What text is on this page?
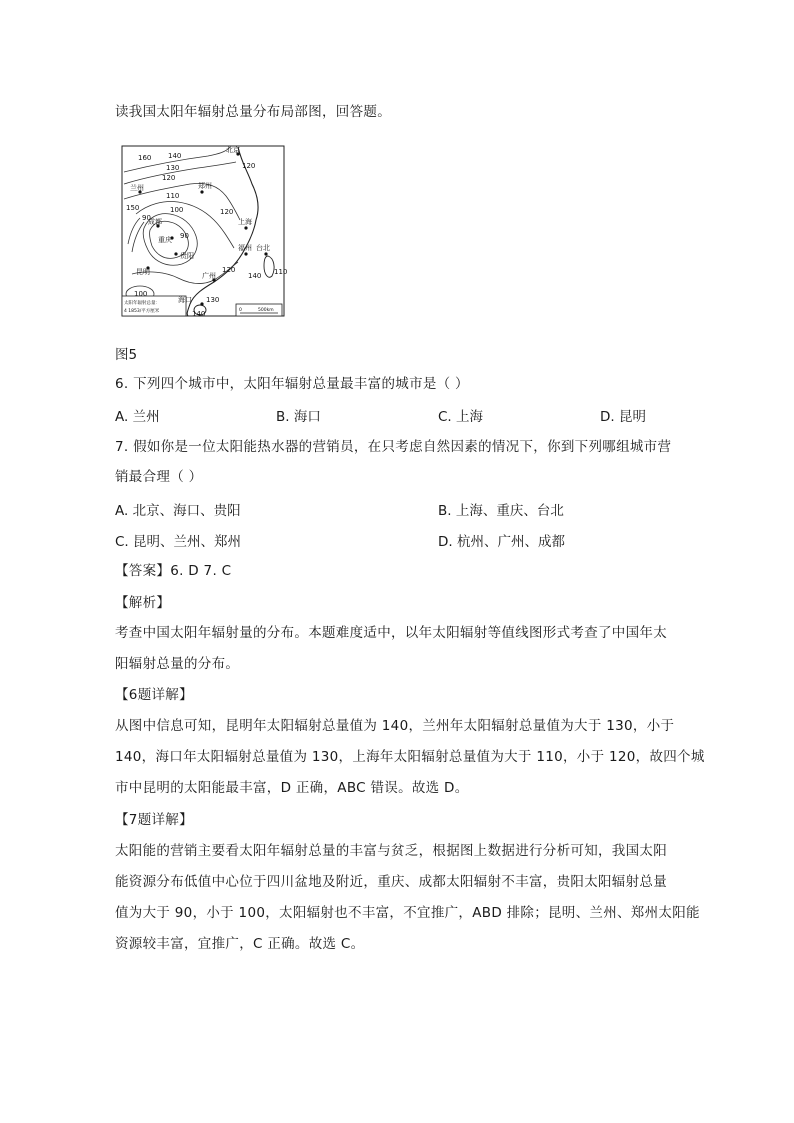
读我国太阳年辐射总量分布局部图，回答题。
160 140
130
120
110
100
150
90
120
120
90
120
140 110
100
130
140
北京
兰州	郑州
成都
重庆
贵阳
上海
福州 台北
昆明	广州
海口
太阳年辐射总量：
4 1853/平方厘米	0	500km
图5
6. 下列四个城市中，太阳年辐射总量最丰富的城市是（ ）
A. 兰州	B. 海口	C. 上海	D. 昆明
7. 假如你是一位太阳能热水器的营销员，在只考虑自然因素的情况下，你到下列哪组城市营
销最合理（ ）
A. 北京、海口、贵阳	B. 上海、重庆、台北
C. 昆明、兰州、郑州	D. 杭州、广州、成都
【答案】6. D 7. C
【解析】
考查中国太阳年辐射量的分布。本题难度适中，以年太阳辐射等值线图形式考查了中国年太
阳辐射总量的分布。
【6题详解】
从图中信息可知，昆明年太阳辐射总量值为 140，兰州年太阳辐射总量值为大于 130，小于
140，海口年太阳辐射总量值为 130，上海年太阳辐射总量值为大于 110，小于 120，故四个城
市中昆明的太阳能最丰富，D 正确，ABC 错误。故选 D。
【7题详解】
太阳能的营销主要看太阳年辐射总量的丰富与贫乏，根据图上数据进行分析可知，我国太阳
能资源分布低值中心位于四川盆地及附近，重庆、成都太阳辐射不丰富，贵阳太阳辐射总量
值为大于 90，小于 100，太阳辐射也不丰富，不宜推广，ABD 排除；昆明、兰州、郑州太阳能
资源较丰富，宜推广，C 正确。故选 C。
